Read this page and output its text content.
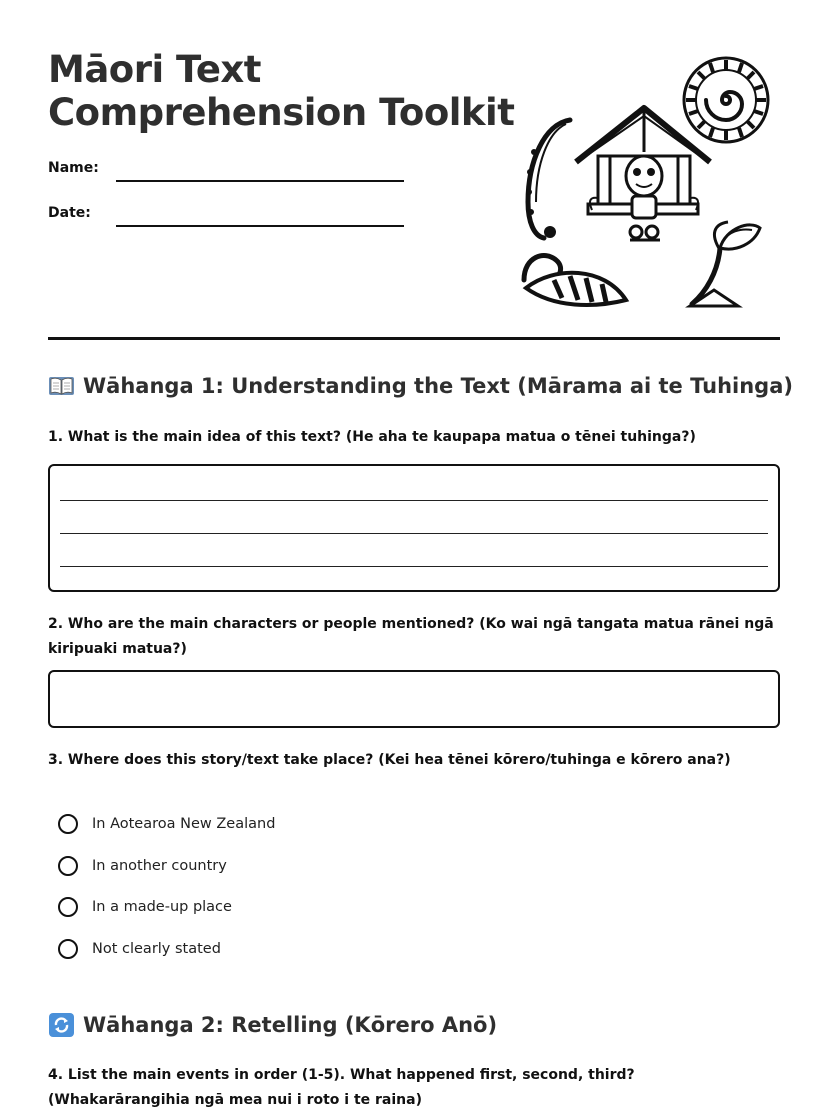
Māori Text
Comprehension Toolkit
Name:
Date:
Wāhanga 1: Understanding the Text (Mārama ai te Tuhinga)
1. What is the main idea of this text? (He aha te kaupapa matua o tēnei tuhinga?)
2. Who are the main characters or people mentioned? (Ko wai ngā tangata matua rānei ngā kiripuaki matua?)
3. Where does this story/text take place? (Kei hea tēnei kōrero/tuhinga e kōrero ana?)
In Aotearoa New Zealand
In another country
In a made-up place
Not clearly stated
Wāhanga 2: Retelling (Kōrero Anō)
4. List the main events in order (1-5). What happened first, second, third? (Whakarārangihia ngā mea nui i roto i te raina)
